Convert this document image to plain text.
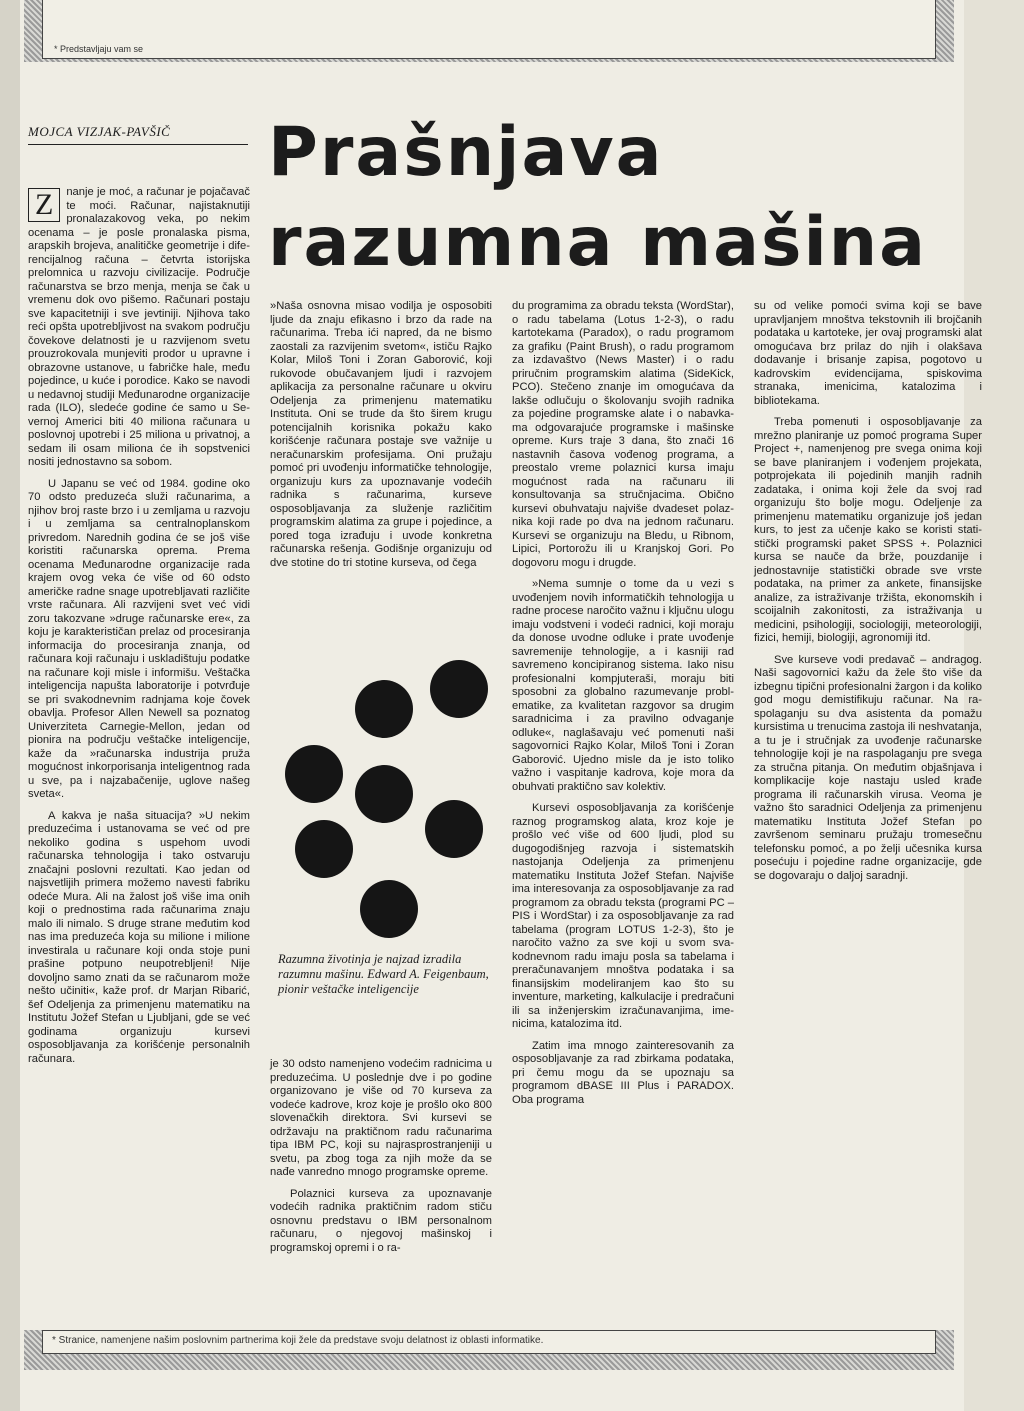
* Predstavljaju vam se
MOJCA VIZJAK-PAVŠIČ	Prašnjava
razumna mašina

Z	nanje je moć, a računar je pojačavač te moći. Računar, najistaknutiji pronalazakovog veka, po nekim ocenama – je posle pronalaska pisma, arapskih brojeva, analitičke geometrije i diferencijalnog računa – četvrta istorijska prelomnica u razvoju civilizacije. Područje računarstva se brzo menja, menja se čak u vremenu dok ovo pišemo. Računari postaju sve kapacitetniji i sve jevtiniji. Njihova tako reći opšta upotrebljivost na svakom području čovekove delatnosti je u razvijenom svetu prouzrokovala munjeviti prodor u upravne i obrazovne ustanove, u fabričke hale, među pojedince, u kuće i porodice. Kako se navodi u nedavnoj studiji Međunarodne organizacije rada (ILO), sledeće godine će samo u Severnoj Americi biti 40 miliona računara u poslovnoj upotrebi i 25 miliona u privatnoj, a sedam ili osam miliona će ih sopstvenici nositi jednostavno sa sobom.

U Japanu se već od 1984. godine oko 70 odsto preduzeća služi računarima, a njihov broj raste brzo i u zemljama u razvoju i u zemljama sa centralnoplanskom privredom. Narednih godina će se još više koristiti računarska oprema. Prema ocenama Međunarodne organizacije rada krajem ovog veka će više od 60 odsto američke radne snage upotrebljavati različite vrste računara. Ali razvijeni svet već vidi zoru takozvane »druge računarske ere«, za koju je karakterističan prelaz od procesiranja informacija do procesiranja znanja, od računara koji računaju i uskladištuju podatke na računare koji misle i informišu. Veštačka inteligencija napušta laboratorije i potvrđuje se pri svakodnevnim radnjama koje čovek obavlja. Profesor Allen Newell sa poznatog Univerziteta Carnegie-Mellon, jedan od pionira na području veštačke inteligencije, kaže da »računarska industrija pruža mogućnost inkorporisanja inteligentnog rada u sve, pa i najzabačenije, uglove našeg sveta«.

A kakva je naša situacija? »U nekim preduzećima i ustanovama se već od pre nekoliko godina s uspehom uvodi računarska tehnologija i tako ostvaruju značajni poslovni rezultati. Kao jedan od najsvetlijih primera možemo navesti fabriku odeće Mura. Ali na žalost još više ima onih koji o prednostima rada računarima znaju malo ili nimalo. S druge strane međutim kod nas ima preduzeća koja su milione i milione investirala u računare koji onda stoje puni prašine potpuno neupotrebljeni! Nije dovoljno samo znati da se računarom može nešto učiniti«, kaže prof. dr Marjan Ribarić, šef Odeljenja za primenjenu matematiku na Institutu Jožef Stefan u Ljubljani, gde se već godinama organizuju kursevi osposobljavanja za korišćenje personalnih računara.

»Naša osnovna misao vodilja je osposobiti ljude da znaju efikasno i brzo da rade na računarima. Treba ići napred, da ne bismo zaostali za razvijenim svetom«, ističu Rajko Kolar, Miloš Toni i Zoran Gaborović, koji rukovode obučavanjem ljudi i razvojem aplikacija za personalne računare u okviru Odeljenja za primenjenu matematiku Instituta. Oni se trude da što širem krugu potencijalnih korisnika pokažu kako korišćenje računara postaje sve važnije u neračunarskim profesijama. Oni pružaju pomoć pri uvođenju informatičke tehnologije, organizuju kurs za upoznavanje vodećih radnika s računarima, kurseve osposobljavanja za služenje različitim programskim alatima za grupe i pojedince, a pored toga izrađuju i uvode konkretna računarska rešenja. Godišnje organizuju od dve stotine do tri stotine kurseva, od čega

Razumna životinja je najzad izradila razumnu mašinu. Edward A. Feigenbaum, pionir veštačke inteligencije

je 30 odsto namenjeno vodećim radnicima u preduzećima. U poslednje dve i po godine organizovano je više od 70 kurseva za vodeće kadrove, kroz koje je prošlo oko 800 slovenačkih direktora. Svi kursevi se održavaju na praktičnom radu računarima tipa IBM PC, koji su najrasprostranjeniji u svetu, pa zbog toga za njih može da se nađe vanredno mnogo programske opreme.

Polaznici kurseva za upoznavanje vodećih radnika praktičnim radom stiču osnovnu predstavu o IBM personalnom računaru, o njegovoj mašinskoj i programskoj opremi i o ra-

du programima za obradu teksta (WordStar), o radu tabelama (Lotus 1-2-3), o radu kartotekama (Paradox), o radu programom za grafiku (Paint Brush), o radu programom za izdavaštvo (News Master) i o radu priručnim programskim alatima (SideKick, PCO). Stečeno znanje im omogućava da lakše odlučuju o školovanju svojih radnika za pojedine programske alate i o nabavkama odgovarajuće programske i mašinske opreme. Kurs traje 3 dana, što znači 16 nastavnih časova vođenog programa, a preostalo vreme polaznici kursa imaju mogućnost rada na računaru ili konsultovanja sa stručnjacima. Obično kursevi obuhvataju najviše dvadeset polaznika koji rade po dva na jednom računaru. Kursevi se organizuju na Bledu, u Ribnom, Lipici, Portorožu ili u Kranjskoj Gori. Po dogovoru mogu i drugde.

»Nema sumnje o tome da u vezi s uvođenjem novih informatičkih tehnologija u radne procese naročito važnu i ključnu ulogu imaju vodstveni i vodeći radnici, koji moraju da donose uvodne odluke i prate uvođenje savremenije tehnologije, a i kasniji rad savremeno koncipiranog sistema. Iako nisu profesionalni kompjuteraši, moraju biti sposobni za globalno razumevanje problematike, za kvalitetan razgovor sa drugim saradnicima i za pravilno odvaganje odluke«, naglašavaju već pomenuti naši sagovornici Rajko Kolar, Miloš Toni i Zoran Gaborović. Ujedno misle da je isto toliko važno i vaspitanje kadrova, koje mora da obuhvati praktično sav kolektiv.

Kursevi osposobljavanja za korišćenje raznog programskog alata, kroz koje je prošlo već više od 600 ljudi, plod su dugogodišnjeg razvoja i sistematskih nastojanja Odeljenja za primenjenu matematiku Instituta Jožef Stefan. Najviše ima interesovanja za osposobljavanje za rad programom za obradu teksta (programi PC – PIS i WordStar) i za osposobljavanje za rad tabelama (program LOTUS 1-2-3), što je naročito važno za sve koji u svom svakodnevnom radu imaju posla sa tabelama i preračunavanjem mnoštva podataka i sa finansijskim modeliranjem kao što su inventure, marketing, kalkulacije i predračuni ili sa inženjerskim izračunavanjima, imenicima, katalozima itd.

Zatim ima mnogo zainteresovanih za osposobljavanje za rad zbirkama podataka, pri čemu mogu da se upoznaju sa programom dBASE III Plus i PARADOX. Oba programa

su od velike pomoći svima koji se bave upravljanjem mnoštva tekstovnih ili brojčanih podataka u kartoteke, jer ovaj programski alat omogućava brz prilaz do njih i olakšava dodavanje i brisanje zapisa, pogotovo u kadrovskim evidencijama, spiskovima stranaka, imenicima, katalozima i bibliotekama.

Treba pomenuti i osposobljavanje za mrežno planiranje uz pomoć programa Super Project +, namenjenog pre svega onima koji se bave planiranjem i vođenjem projekata, potprojekata ili pojedinih manjih radnih zadataka, i onima koji žele da svoj rad organizuju što bolje mogu. Odeljenje za primenjenu matematiku organizuje još jedan kurs, to jest za učenje kako se koristi statistički programski paket SPSS +. Polaznici kursa se nauče da brže, pouzdanije i jednostavnije statistički obrade sve vrste podataka, na primer za ankete, finansijske analize, za istraživanje tržišta, ekonomskih i scoijalnih zakonitosti, za istraživanja u medicini, psihologiji, sociologiji, meteorologiji, fizici, hemiji, biologiji, agronomiji itd.

Sve kurseve vodi predavač – andragog. Naši sagovornici kažu da žele što više da izbegnu tipični profesionalni žargon i da koliko god mogu demistifikuju računar. Na raspolaganju su dva asistenta da pomažu kursistima u trenucima zastoja ili neshvatanja, a tu je i stručnjak za uvođenje računarske tehnologije koji je na raspolaganju pre svega za stručna pitanja. On međutim objašnjava i komplikacije koje nastaju usled krađe programa ili računarskih virusa. Veoma je važno što saradnici Odeljenja za primenjenu matematiku Instituta Jožef Stefan po završenom seminaru pružaju tromesečnu telefonsku pomoć, a po želji učesnika kursa posećuju i pojedine radne organizacije, gde se dogovaraju o daljoj saradnji.

* Stranice, namenjene našim poslovnim partnerima koji žele da predstave svoju delatnost iz oblasti informatike.
